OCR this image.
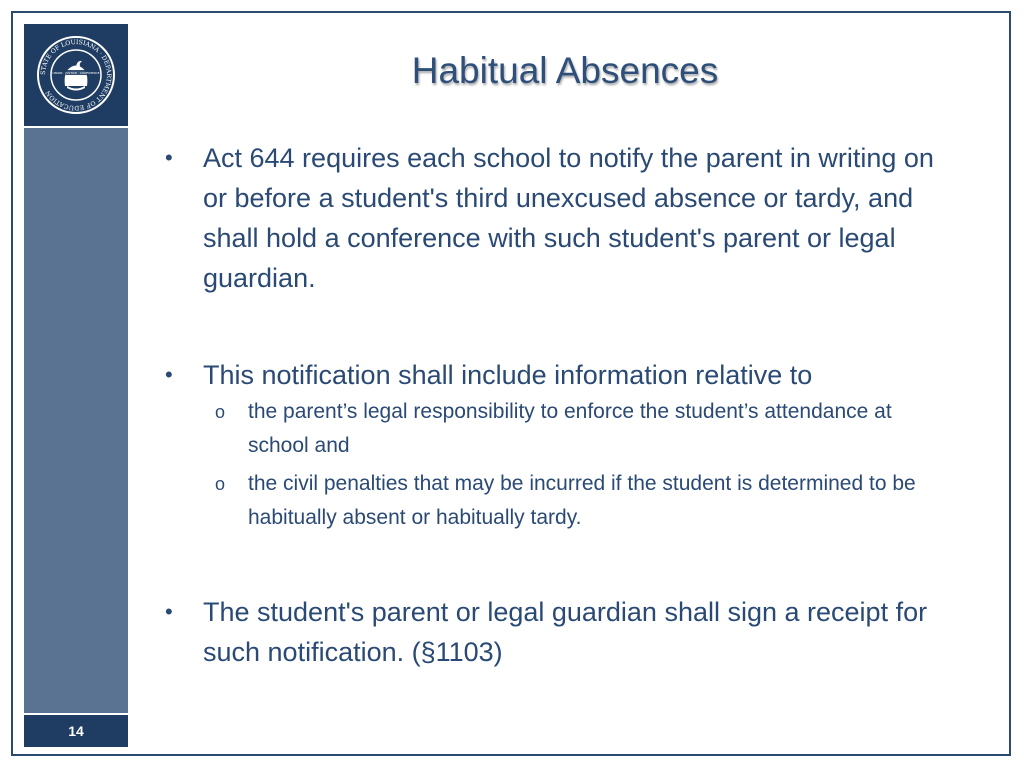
STATE OF LOUISIANA · DEPARTMENT OF EDUCATION
UNION · JUSTICE · CONFIDENCE
14
Habitual Absences
• Act 644 requires each school to notify the parent in writing on or before a student's third unexcused absence or tardy, and shall hold a conference with such student's parent or legal guardian.
• This notification shall include information relative to
o the parent’s legal responsibility to enforce the student’s attendance at school and
o the civil penalties that may be incurred if the student is determined to be habitually absent or habitually tardy.
• The student's parent or legal guardian shall sign a receipt for such notification. (§1103)
